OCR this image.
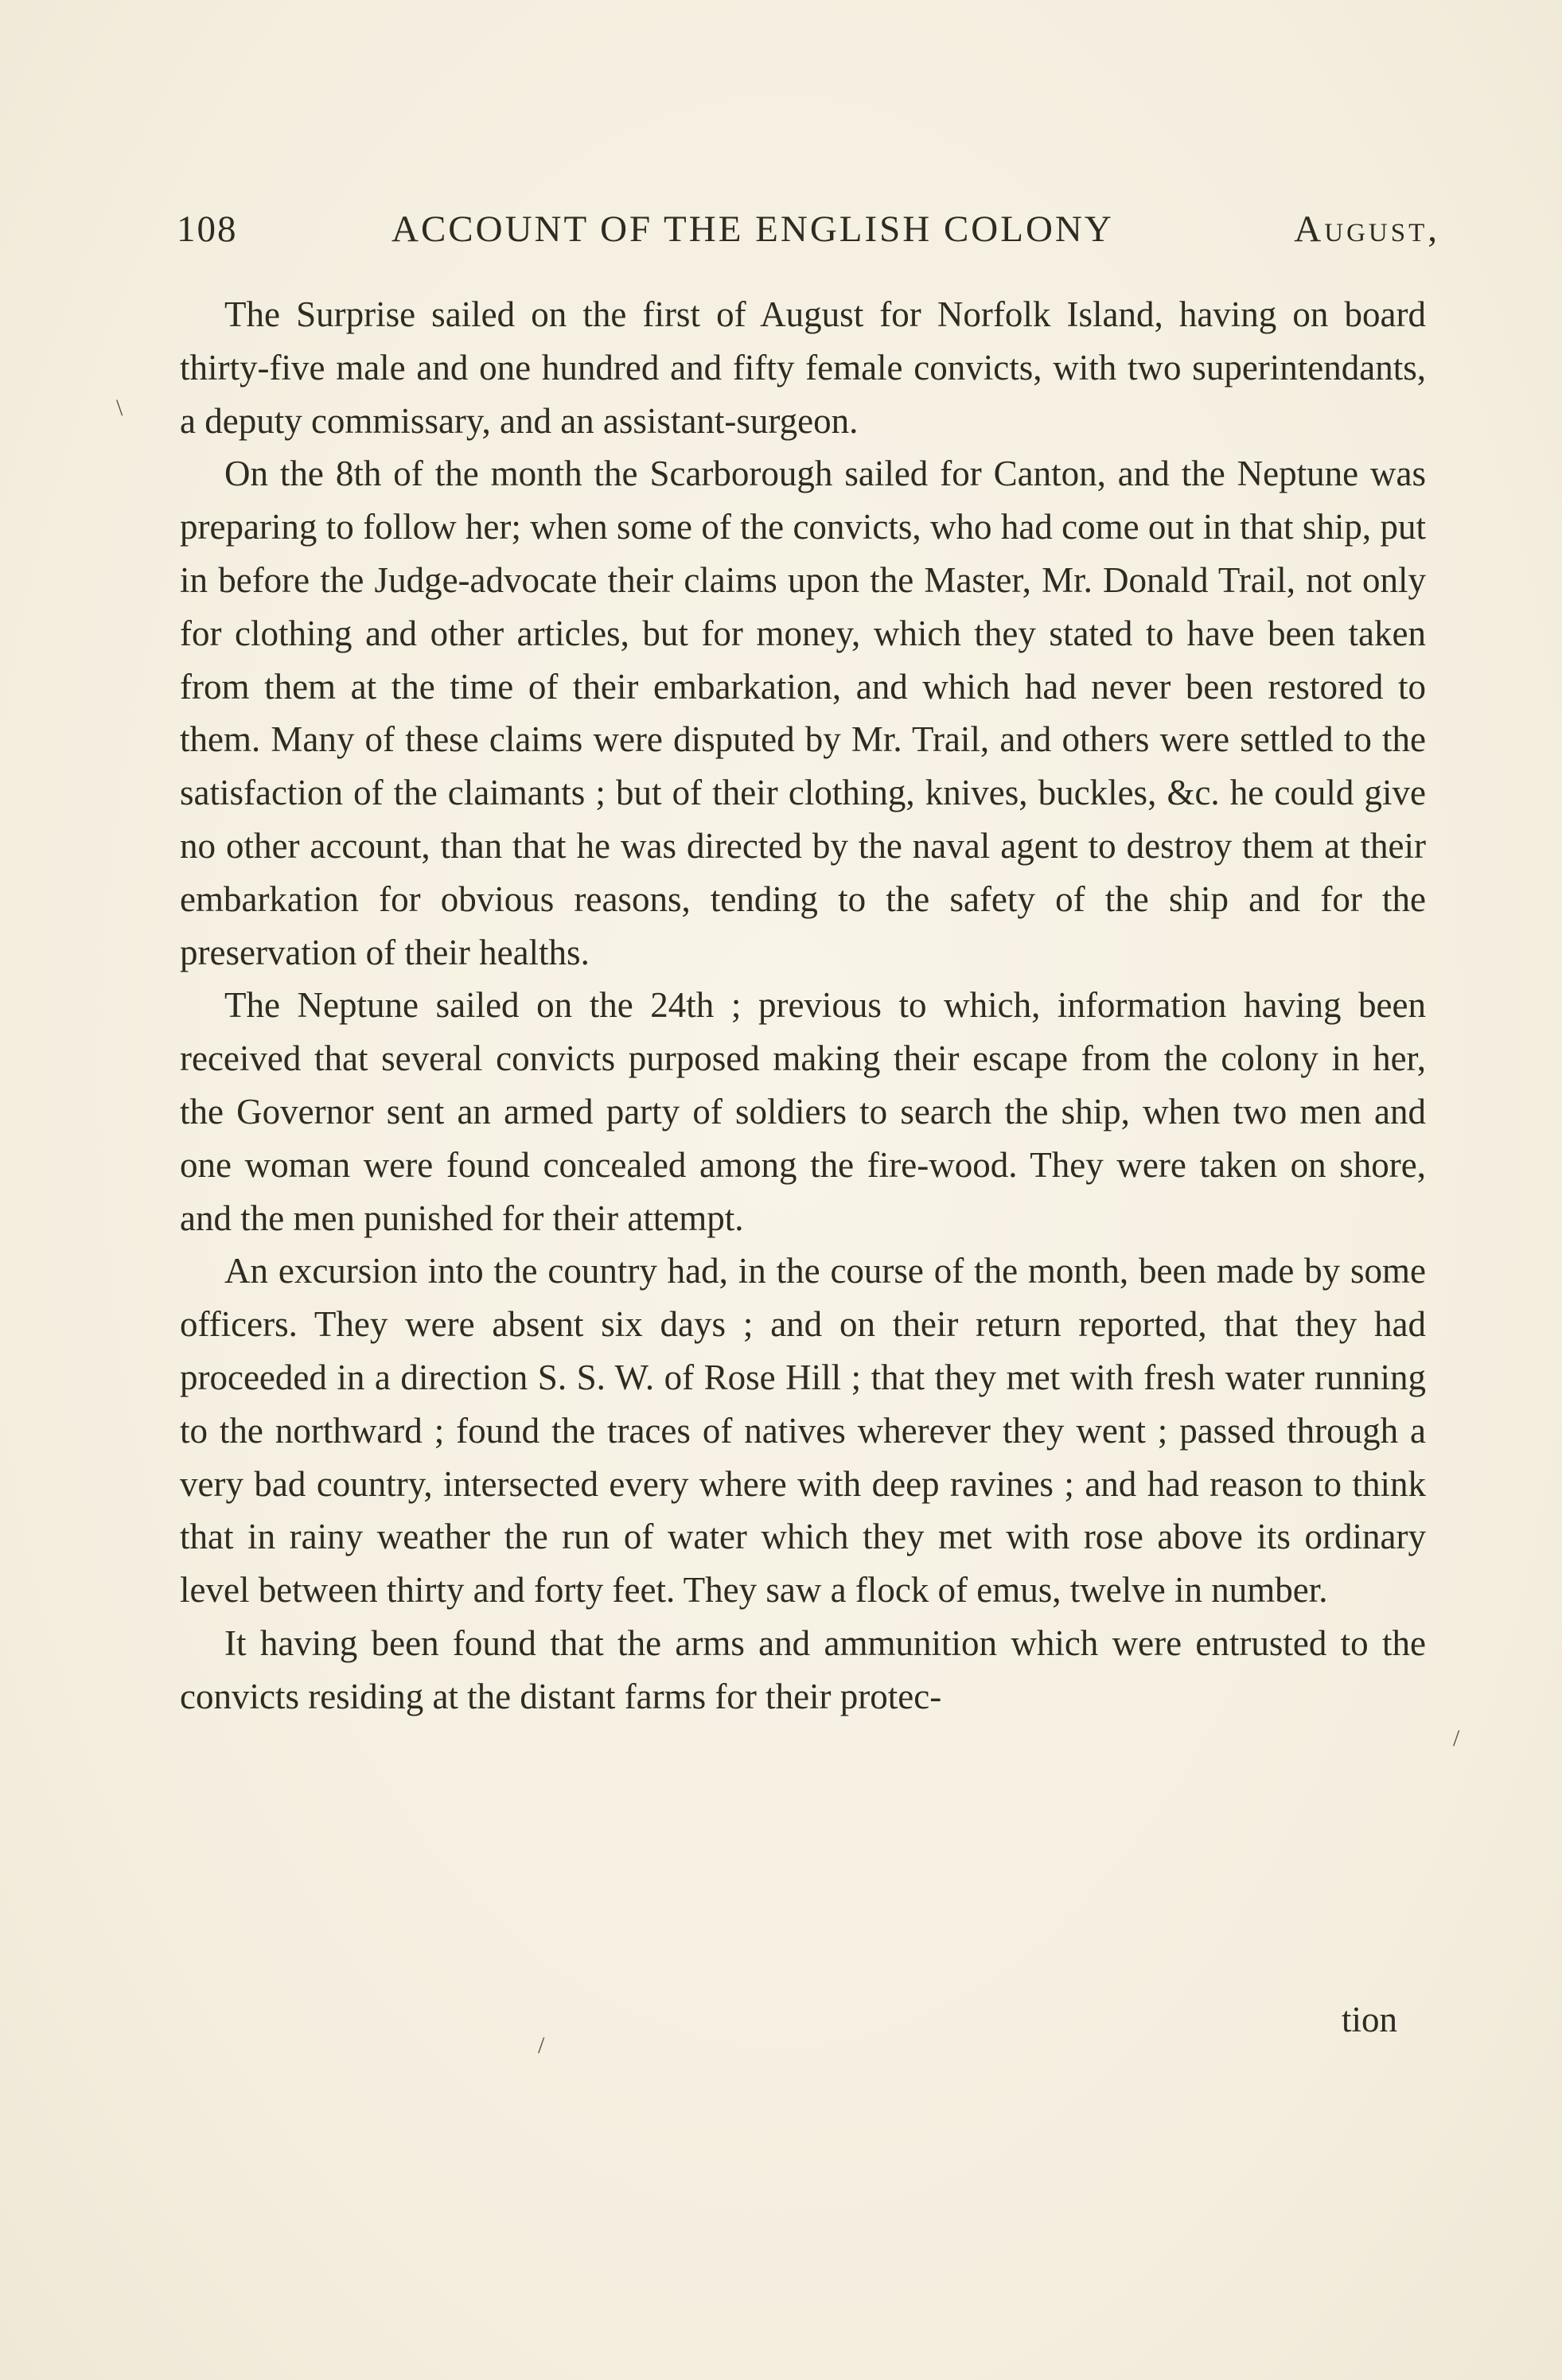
108	ACCOUNT OF THE ENGLISH COLONY	August,

The Surprise sailed on the first of August for Norfolk Island, having on board thirty-five male and one hundred and fifty female convicts, with two superintendants, a deputy commissary, and an assistant-surgeon.

On the 8th of the month the Scarborough sailed for Canton, and the Neptune was preparing to follow her; when some of the convicts, who had come out in that ship, put in before the Judge-advocate their claims upon the Master, Mr. Donald Trail, not only for clothing and other articles, but for money, which they stated to have been taken from them at the time of their embarkation, and which had never been restored to them. Many of these claims were disputed by Mr. Trail, and others were settled to the satisfaction of the claimants ; but of their clothing, knives, buckles, &c. he could give no other account, than that he was directed by the naval agent to destroy them at their embarkation for obvious reasons, tending to the safety of the ship and for the preservation of their healths.

The Neptune sailed on the 24th ; previous to which, information having been received that several convicts purposed making their escape from the colony in her, the Governor sent an armed party of soldiers to search the ship, when two men and one woman were found concealed among the fire-wood. They were taken on shore, and the men punished for their attempt.

An excursion into the country had, in the course of the month, been made by some officers. They were absent six days ; and on their return reported, that they had proceeded in a direction S. S. W. of Rose Hill ; that they met with fresh water running to the northward ; found the traces of natives wherever they went ; passed through a very bad country, intersected every where with deep ravines ; and had reason to think that in rainy weather the run of water which they met with rose above its ordinary level between thirty and forty feet. They saw a flock of emus, twelve in number.

It having been found that the arms and ammunition which were entrusted to the convicts residing at the distant farms for their protec-

tion
\
/
/
